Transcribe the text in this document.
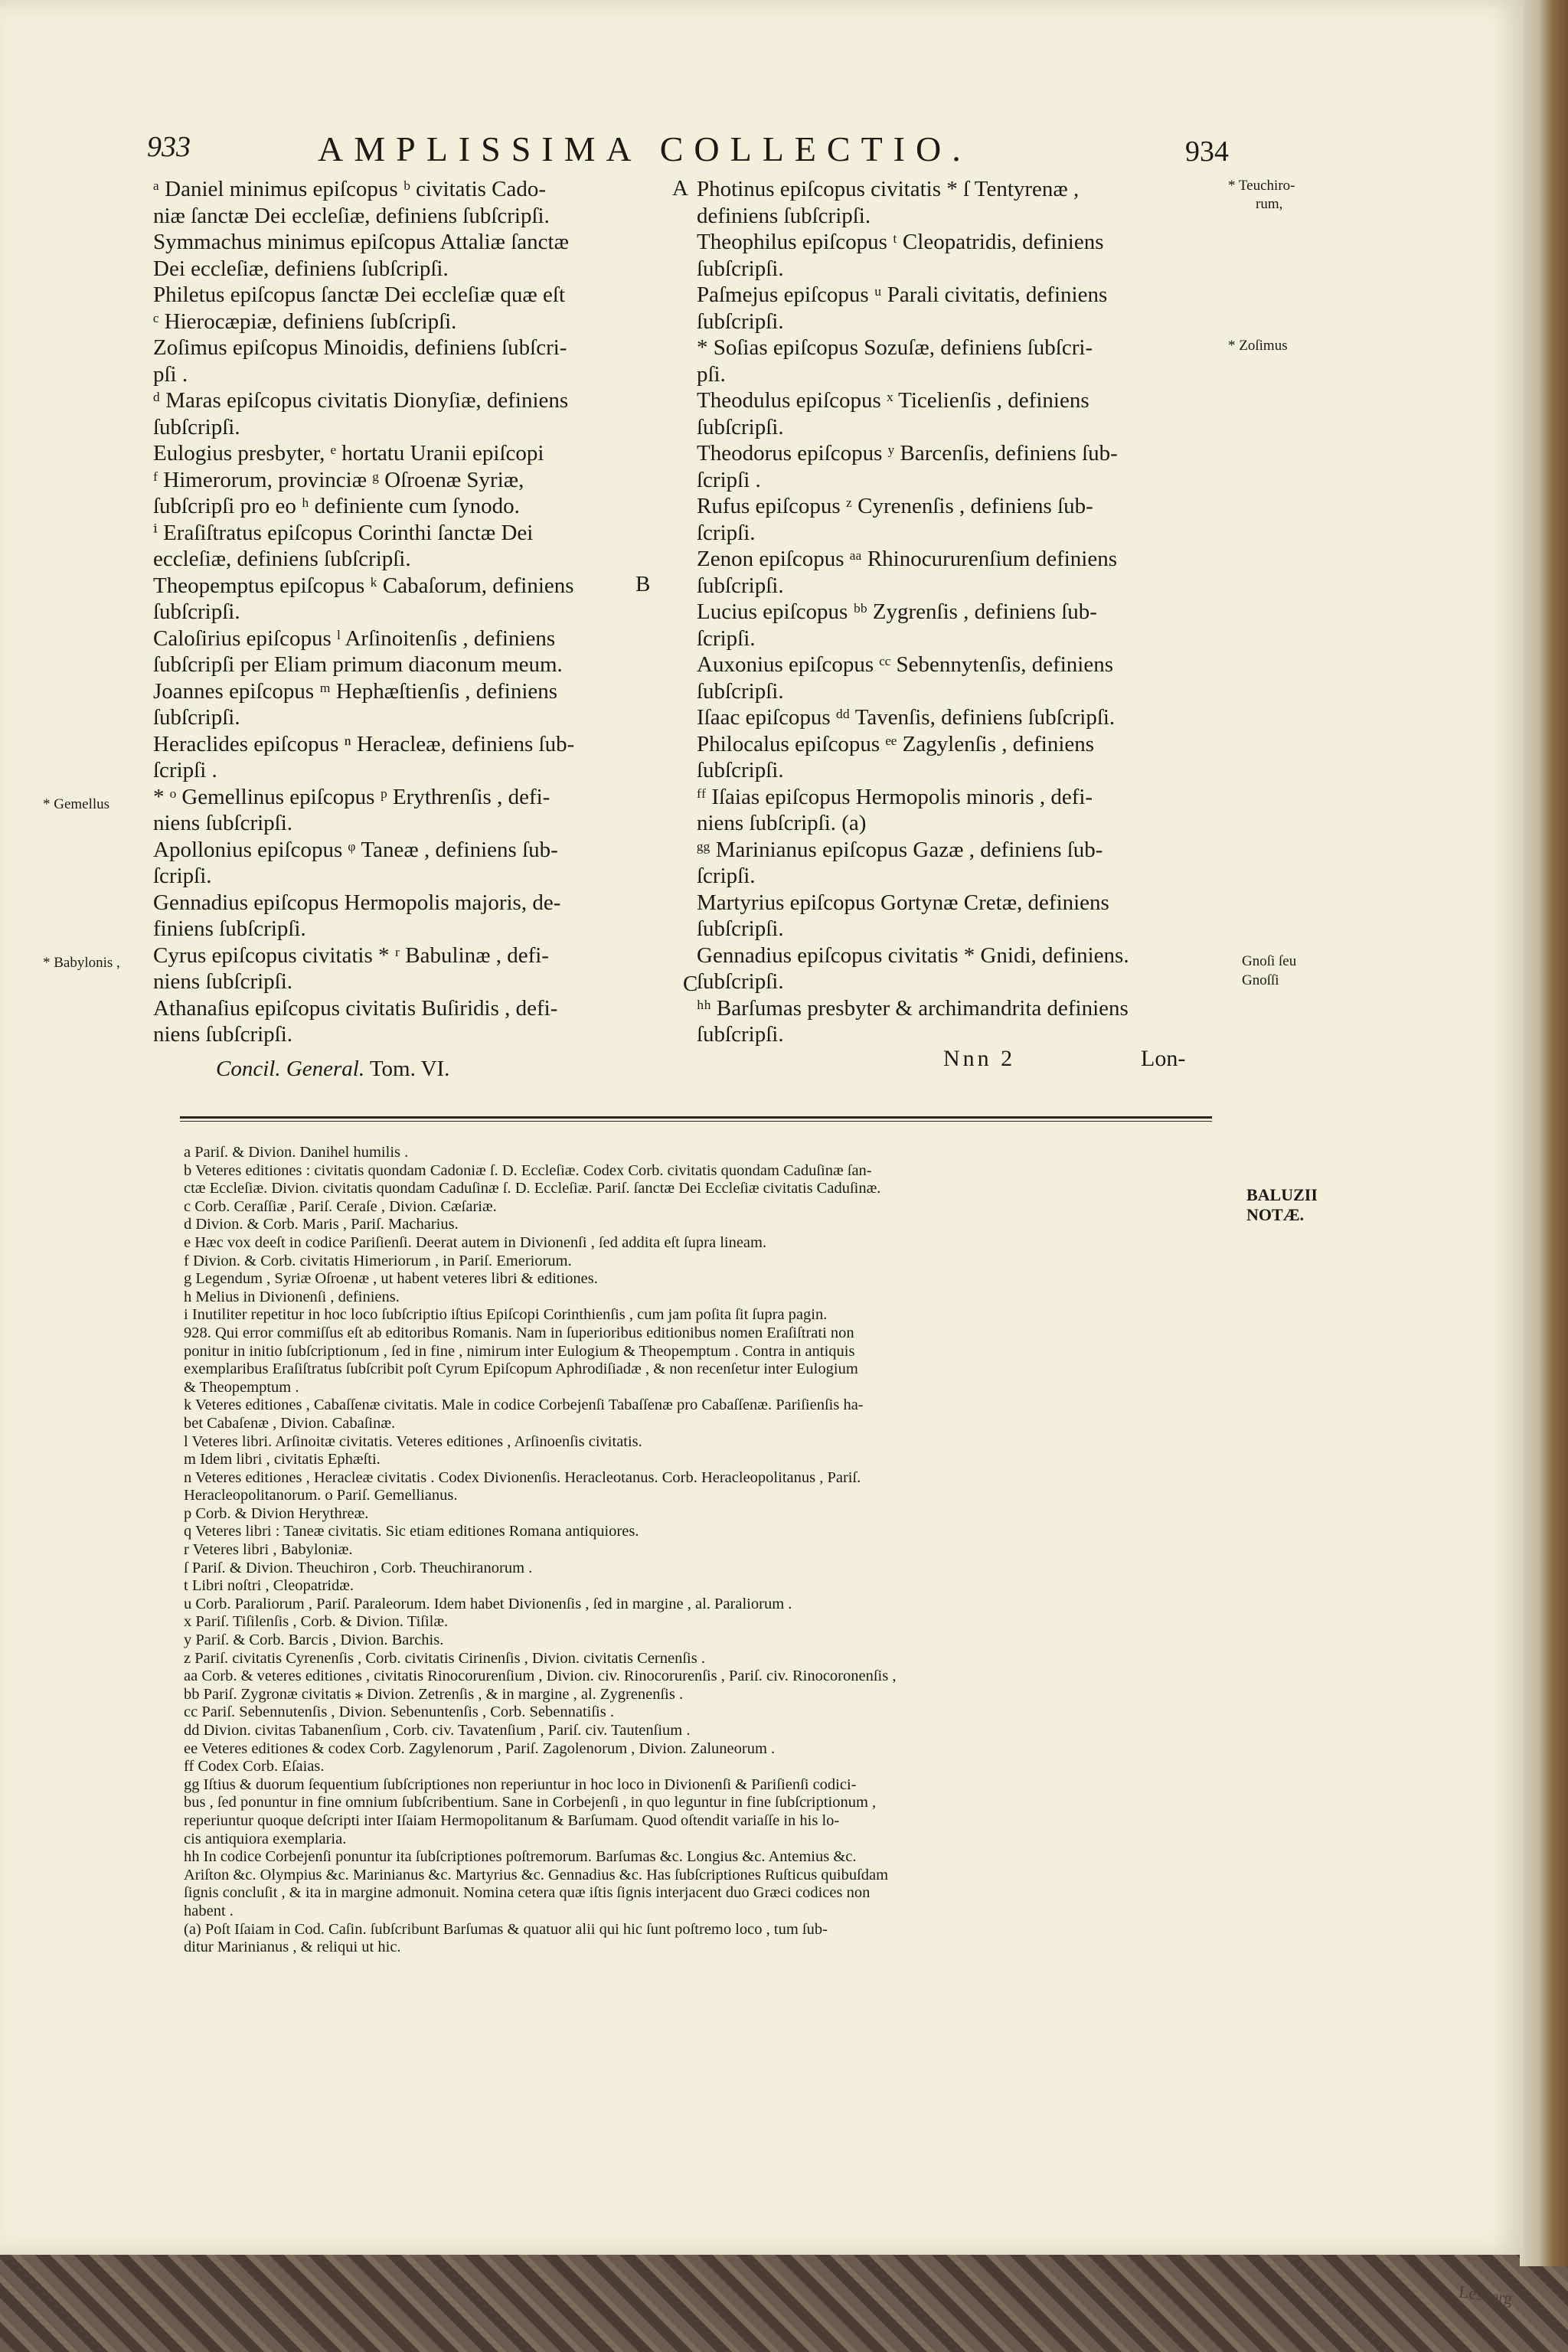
933	AMPLISSIMA COLLECTIO.	934

ᵃ Daniel minimus epiſcopus ᵇ civitatis Cado-

niæ ſanctæ Dei eccleſiæ, definiens ſubſcripſi.

Symmachus minimus epiſcopus Attaliæ ſanctæ

Dei eccleſiæ, definiens ſubſcripſi.

Philetus epiſcopus ſanctæ Dei eccleſiæ quæ eſt

ᶜ Hierocæpiæ, definiens ſubſcripſi.

Zoſimus epiſcopus Minoidis, definiens ſubſcri-

pſi .

ᵈ Maras epiſcopus civitatis Dionyſiæ, definiens

ſubſcripſi.

Eulogius presbyter, ᵉ hortatu Uranii epiſcopi

ᶠ Himerorum, provinciæ ᵍ Oſroenæ Syriæ,

ſubſcripſi pro eo ʰ definiente cum ſynodo.

ⁱ Eraſiſtratus epiſcopus Corinthi ſanctæ Dei

eccleſiæ, definiens ſubſcripſi.

Theopemptus epiſcopus ᵏ Cabaſorum, definiens

ſubſcripſi.

Caloſirius epiſcopus ˡ Arſinoitenſis , definiens

ſubſcripſi per Eliam primum diaconum meum.

Joannes epiſcopus ᵐ Hephæſtienſis , definiens

ſubſcripſi.

Heraclides epiſcopus ⁿ Heracleæ, definiens ſub-

ſcripſi .

* ᵒ Gemellinus epiſcopus ᵖ Erythrenſis , defi-

niens ſubſcripſi.

Apollonius epiſcopus ᵠ Taneæ , definiens ſub-

ſcripſi.

Gennadius epiſcopus Hermopolis majoris, de-

finiens ſubſcripſi.

Cyrus epiſcopus civitatis * ʳ Babulinæ , defi-

niens ſubſcripſi.

Athanaſius epiſcopus civitatis Buſiridis , defi-

niens ſubſcripſi.

Photinus epiſcopus civitatis * ſ Tentyrenæ ,

definiens ſubſcripſi.

Theophilus epiſcopus ᵗ Cleopatridis, definiens

ſubſcripſi.

Paſmejus epiſcopus ᵘ Parali civitatis, definiens

ſubſcripſi.

* Soſias epiſcopus Sozuſæ, definiens ſubſcri-

pſi.

Theodulus epiſcopus ˣ Ticelienſis , definiens

ſubſcripſi.

Theodorus epiſcopus ʸ Barcenſis, definiens ſub-

ſcripſi .

Rufus epiſcopus ᶻ Cyrenenſis , definiens ſub-

ſcripſi.

Zenon epiſcopus ᵃᵃ Rhinocururenſium definiens

ſubſcripſi.

Lucius epiſcopus ᵇᵇ Zygrenſis , definiens ſub-

ſcripſi.

Auxonius epiſcopus ᶜᶜ Sebennytenſis, definiens

ſubſcripſi.

Iſaac epiſcopus ᵈᵈ Tavenſis, definiens ſubſcripſi.

Philocalus epiſcopus ᵉᵉ Zagylenſis , definiens

ſubſcripſi.

ᶠᶠ Iſaias epiſcopus Hermopolis minoris , defi-

niens ſubſcripſi. (a)

ᵍᵍ Marinianus epiſcopus Gazæ , definiens ſub-

ſcripſi.

Martyrius epiſcopus Gortynæ Cretæ, definiens

ſubſcripſi.

Gennadius epiſcopus civitatis * Gnidi, definiens.

ſubſcripſi.

ʰʰ Barſumas presbyter & archimandrita definiens

ſubſcripſi.

A
B
C
* Gemellus
* Babylonis ,
* Teuchiro-
rum,
* Zoſimus
Gnoſi ſeu
Gnoſſi
Nnn 2	Lon-
Concil. General. Tom. VI.
BALUZII
NOTÆ.

a Pariſ. & Divion. Danihel humilis .

b Veteres editiones : civitatis quondam Cadoniæ ſ. D. Eccleſiæ. Codex Corb. civitatis quondam Caduſinæ ſan-

ctæ Eccleſiæ. Divion. civitatis quondam Caduſinæ ſ. D. Eccleſiæ. Pariſ. ſanctæ Dei Eccleſiæ civitatis Caduſinæ.

c Corb. Ceraſſiæ , Pariſ. Ceraſe , Divion. Cæſariæ.

d Divion. & Corb. Maris , Pariſ. Macharius.

e Hæc vox deeſt in codice Pariſienſi. Deerat autem in Divionenſi , ſed addita eſt ſupra lineam.

f Divion. & Corb. civitatis Himeriorum , in Pariſ. Emeriorum.

g Legendum , Syriæ Oſroenæ , ut habent veteres libri & editiones.

h Melius in Divionenſi , definiens.

i Inutiliter repetitur in hoc loco ſubſcriptio iſtius Epiſcopi Corinthienſis , cum jam poſita ſit ſupra pagin.

928. Qui error commiſſus eſt ab editoribus Romanis. Nam in ſuperioribus editionibus nomen Eraſiſtrati non

ponitur in initio ſubſcriptionum , ſed in fine , nimirum inter Eulogium & Theopemptum . Contra in antiquis

exemplaribus Eraſiſtratus ſubſcribit poſt Cyrum Epiſcopum Aphrodiſiadæ , & non recenſetur inter Eulogium

& Theopemptum .

k Veteres editiones , Cabaſſenæ civitatis. Male in codice Corbejenſi Tabaſſenæ pro Cabaſſenæ. Pariſienſis ha-

bet Cabaſenæ , Divion. Cabaſinæ.

l Veteres libri. Arſinoitæ civitatis. Veteres editiones , Arſinoenſis civitatis.

m Idem libri , civitatis Ephæſti.

n Veteres editiones , Heracleæ civitatis . Codex Divionenſis. Heracleotanus. Corb. Heracleopolitanus , Pariſ.

Heracleopolitanorum. o Pariſ. Gemellianus.

p Corb. & Divion Herythreæ.

q Veteres libri : Taneæ civitatis. Sic etiam editiones Romana antiquiores.

r Veteres libri , Babyloniæ.

ſ Pariſ. & Divion. Theuchiron , Corb. Theuchiranorum .

t Libri noſtri , Cleopatridæ.

u Corb. Paraliorum , Pariſ. Paraleorum. Idem habet Divionenſis , ſed in margine , al. Paraliorum .

x Pariſ. Tiſilenſis , Corb. & Divion. Tiſilæ.

y Pariſ. & Corb. Barcis , Divion. Barchis.

z Pariſ. civitatis Cyrenenſis , Corb. civitatis Cirinenſis , Divion. civitatis Cernenſis .

aa Corb. & veteres editiones , civitatis Rinocorurenſium , Divion. civ. Rinocorurenſis , Pariſ. civ. Rinocoronenſis ,

bb Pariſ. Zygronæ civitatis ⁎ Divion. Zetrenſis , & in margine , al. Zygrenenſis .

cc Pariſ. Sebennutenſis , Divion. Sebenuntenſis , Corb. Sebennatiſis .

dd Divion. civitas Tabanenſium , Corb. civ. Tavatenſium , Pariſ. civ. Tautenſium .

ee Veteres editiones & codex Corb. Zagylenorum , Pariſ. Zagolenorum , Divion. Zaluneorum .

ff Codex Corb. Eſaias.

gg Iſtius & duorum ſequentium ſubſcriptiones non reperiuntur in hoc loco in Divionenſi & Pariſienſi codici-

bus , ſed ponuntur in fine omnium ſubſcribentium. Sane in Corbejenſi , in quo leguntur in fine ſubſcriptionum ,

reperiuntur quoque deſcripti inter Iſaiam Hermopolitanum & Barſumam. Quod oſtendit variaſſe in his lo-

cis antiquiora exemplaria.

hh In codice Corbejenſi ponuntur ita ſubſcriptiones poſtremorum. Barſumas &c. Longius &c. Antemius &c.

Ariſton &c. Olympius &c. Marinianus &c. Martyrius &c. Gennadius &c. Has ſubſcriptiones Ruſticus quibuſdam

ſignis concluſit , & ita in margine admonuit. Nomina cetera quæ iſtis ſignis interjacent duo Græci codices non

habent .

(a) Poſt Iſaiam in Cod. Caſin. ſubſcribunt Barſumas & quatuor alii qui hic ſunt poſtremo loco , tum ſub-

ditur Marinianus , & reliqui ut hic.

Lesberg
